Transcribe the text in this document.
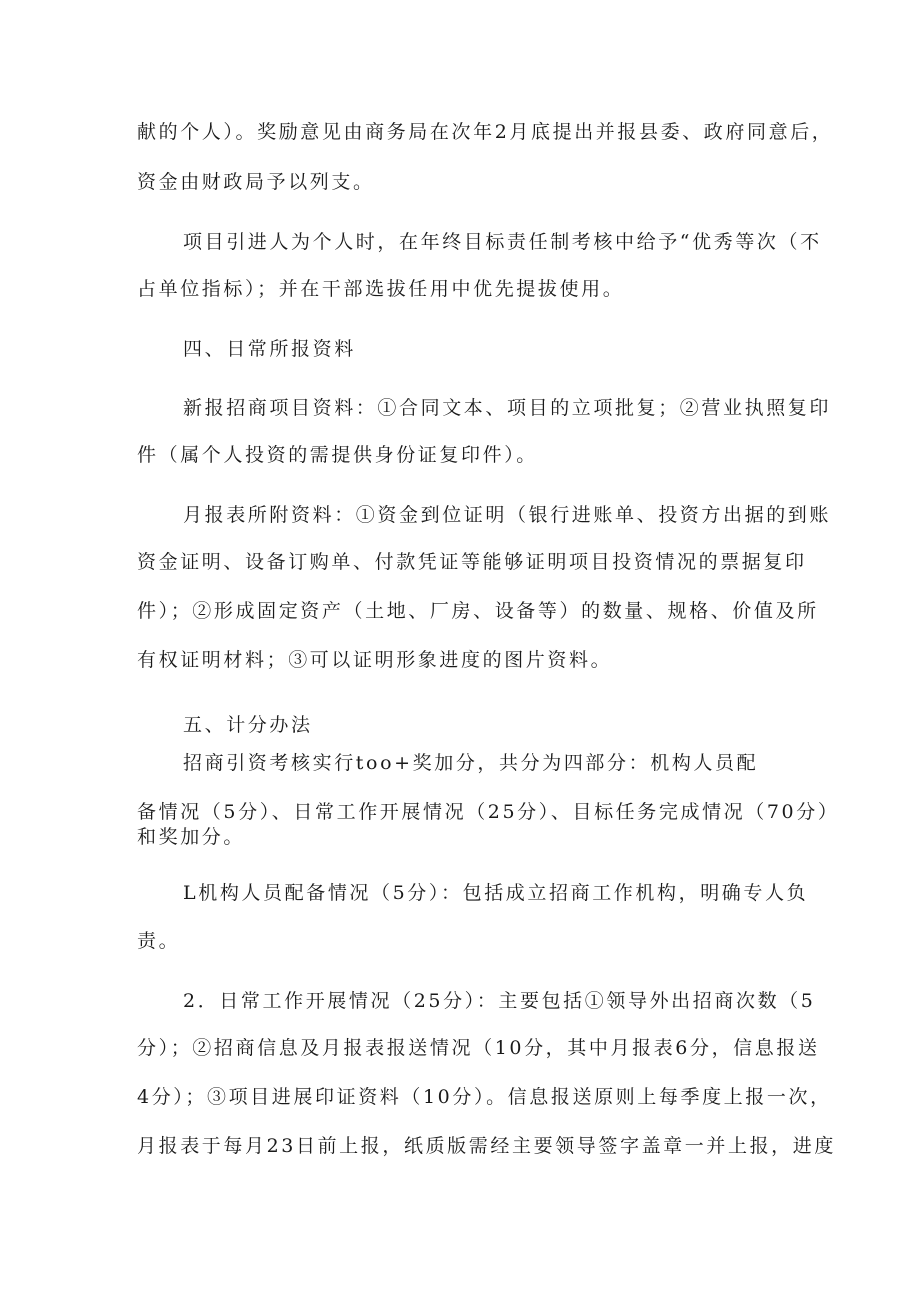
献的个人）。奖励意见由商务局在次年2月底提出并报县委、政府同意后，
资金由财政局予以列支。
项目引进人为个人时，在年终目标责任制考核中给予“优秀等次（不
占单位指标）；并在干部选拔任用中优先提拔使用。
四、日常所报资料
新报招商项目资料：①合同文本、项目的立项批复；②营业执照复印
件（属个人投资的需提供身份证复印件）。
月报表所附资料：①资金到位证明（银行进账单、投资方出据的到账
资金证明、设备订购单、付款凭证等能够证明项目投资情况的票据复印
件）；②形成固定资产（土地、厂房、设备等）的数量、规格、价值及所
有权证明材料；③可以证明形象进度的图片资料。
五、计分办法
招商引资考核实行too+奖加分，共分为四部分：机构人员配
备情况（5分）、日常工作开展情况（25分）、目标任务完成情况（70分）
和奖加分。
L机构人员配备情况（5分）：包括成立招商工作机构，明确专人负
责。
2．日常工作开展情况（25分）：主要包括①领导外出招商次数（5
分）；②招商信息及月报表报送情况（10分，其中月报表6分，信息报送
4分）；③项目进展印证资料（10分）。信息报送原则上每季度上报一次，
月报表于每月23日前上报，纸质版需经主要领导签字盖章一并上报，进度
